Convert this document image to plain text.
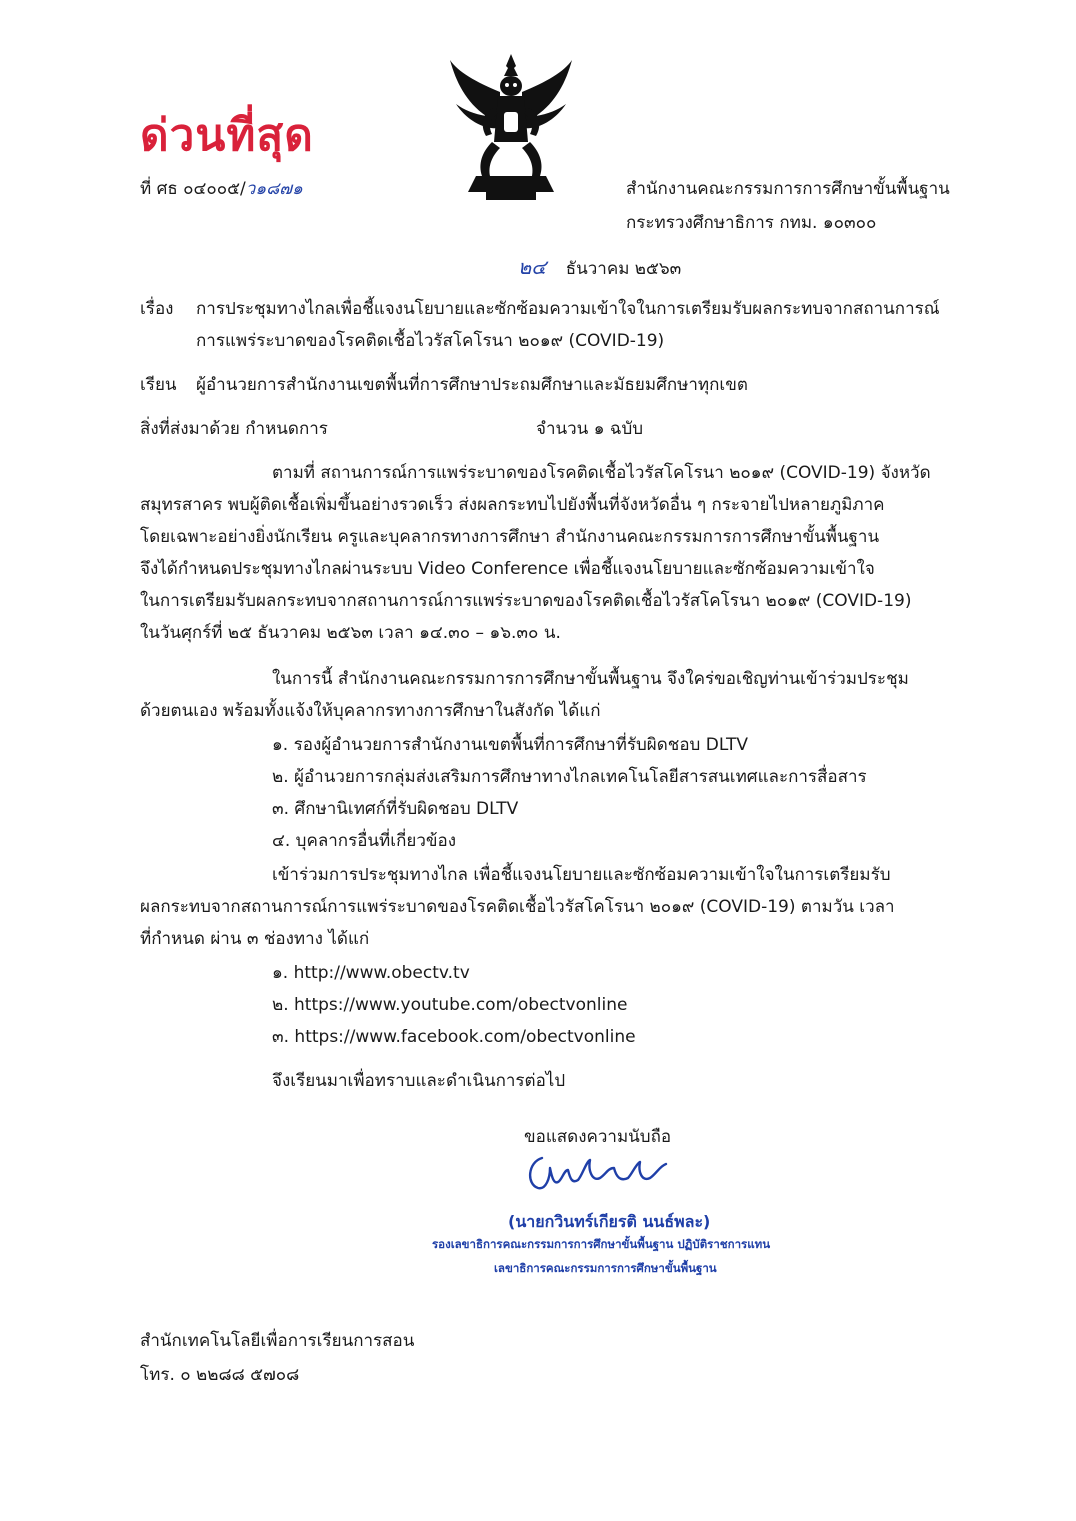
ด่วนที่สุด
ที่ ศธ ๐๔๐๐๕/ว๑๘๗๑	สำนักงานคณะกรรมการการศึกษาขั้นพื้นฐาน
กระทรวงศึกษาธิการ กทม. ๑๐๓๐๐
๒๔ ธันวาคม ๒๕๖๓
เรื่อง การประชุมทางไกลเพื่อชี้แจงนโยบายและซักซ้อมความเข้าใจในการเตรียมรับผลกระทบจากสถานการณ์
การแพร่ระบาดของโรคติดเชื้อไวรัสโคโรนา ๒๐๑๙ (COVID-19)
เรียน ผู้อำนวยการสำนักงานเขตพื้นที่การศึกษาประถมศึกษาและมัธยมศึกษาทุกเขต
สิ่งที่ส่งมาด้วย กำหนดการ	จำนวน ๑ ฉบับ
ตามที่ สถานการณ์การแพร่ระบาดของโรคติดเชื้อไวรัสโคโรนา ๒๐๑๙ (COVID-19) จังหวัด
สมุทรสาคร พบผู้ติดเชื้อเพิ่มขึ้นอย่างรวดเร็ว ส่งผลกระทบไปยังพื้นที่จังหวัดอื่น ๆ กระจายไปหลายภูมิภาค
โดยเฉพาะอย่างยิ่งนักเรียน ครูและบุคลากรทางการศึกษา สำนักงานคณะกรรมการการศึกษาขั้นพื้นฐาน
จึงได้กำหนดประชุมทางไกลผ่านระบบ Video Conference เพื่อชี้แจงนโยบายและซักซ้อมความเข้าใจ
ในการเตรียมรับผลกระทบจากสถานการณ์การแพร่ระบาดของโรคติดเชื้อไวรัสโคโรนา ๒๐๑๙ (COVID-19)
ในวันศุกร์ที่ ๒๕ ธันวาคม ๒๕๖๓ เวลา ๑๔.๓๐ – ๑๖.๓๐ น.
ในการนี้ สำนักงานคณะกรรมการการศึกษาขั้นพื้นฐาน จึงใคร่ขอเชิญท่านเข้าร่วมประชุม
ด้วยตนเอง พร้อมทั้งแจ้งให้บุคลากรทางการศึกษาในสังกัด ได้แก่
๑. รองผู้อำนวยการสำนักงานเขตพื้นที่การศึกษาที่รับผิดชอบ DLTV
๒. ผู้อำนวยการกลุ่มส่งเสริมการศึกษาทางไกลเทคโนโลยีสารสนเทศและการสื่อสาร
๓. ศึกษานิเทศก์ที่รับผิดชอบ DLTV
๔. บุคลากรอื่นที่เกี่ยวข้อง
เข้าร่วมการประชุมทางไกล เพื่อชี้แจงนโยบายและซักซ้อมความเข้าใจในการเตรียมรับ
ผลกระทบจากสถานการณ์การแพร่ระบาดของโรคติดเชื้อไวรัสโคโรนา ๒๐๑๙ (COVID-19) ตามวัน เวลา
ที่กำหนด ผ่าน ๓ ช่องทาง ได้แก่
๑. http://www.obectv.tv
๒. https://www.youtube.com/obectvonline
๓. https://www.facebook.com/obectvonline
จึงเรียนมาเพื่อทราบและดำเนินการต่อไป
ขอแสดงความนับถือ
(นายกวินทร์เกียรติ นนธ์พละ)
รองเลขาธิการคณะกรรมการการศึกษาขั้นพื้นฐาน ปฏิบัติราชการแทน
เลขาธิการคณะกรรมการการศึกษาขั้นพื้นฐาน
สำนักเทคโนโลยีเพื่อการเรียนการสอน
โทร. ๐ ๒๒๘๘ ๕๗๐๘
